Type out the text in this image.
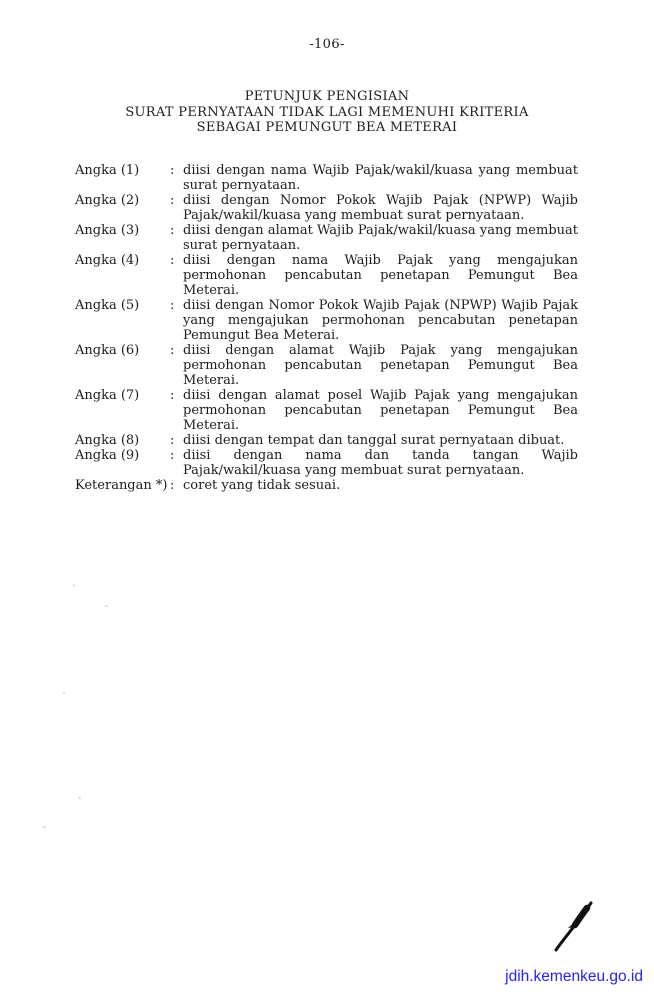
-106-
PETUNJUK PENGISIAN
SURAT PERNYATAAN TIDAK LAGI MEMENUHI KRITERIA
SEBAGAI PEMUNGUT BEA METERAI
Angka (1)	: diisi dengan nama Wajib Pajak/wakil/kuasa yang membuat surat pernyataan.
Angka (2)	: diisi dengan Nomor Pokok Wajib Pajak (NPWP) Wajib Pajak/wakil/kuasa yang membuat surat pernyataan.
Angka (3)	: diisi dengan alamat Wajib Pajak/wakil/kuasa yang membuat surat pernyataan.
Angka (4)	: diisi dengan nama Wajib Pajak yang mengajukan permohonan pencabutan penetapan Pemungut Bea Meterai.
Angka (5)	: diisi dengan Nomor Pokok Wajib Pajak (NPWP) Wajib Pajak yang mengajukan permohonan pencabutan penetapan Pemungut Bea Meterai.
Angka (6)	: diisi dengan alamat Wajib Pajak yang mengajukan permohonan pencabutan penetapan Pemungut Bea Meterai.
Angka (7)	: diisi dengan alamat posel Wajib Pajak yang mengajukan permohonan pencabutan penetapan Pemungut Bea Meterai.
Angka (8)	: diisi dengan tempat dan tanggal surat pernyataan dibuat.
Angka (9)	: diisi dengan nama dan tanda tangan Wajib Pajak/wakil/kuasa yang membuat surat pernyataan.
Keterangan *) : coret yang tidak sesuai.
jdih.kemenkeu.go.id
